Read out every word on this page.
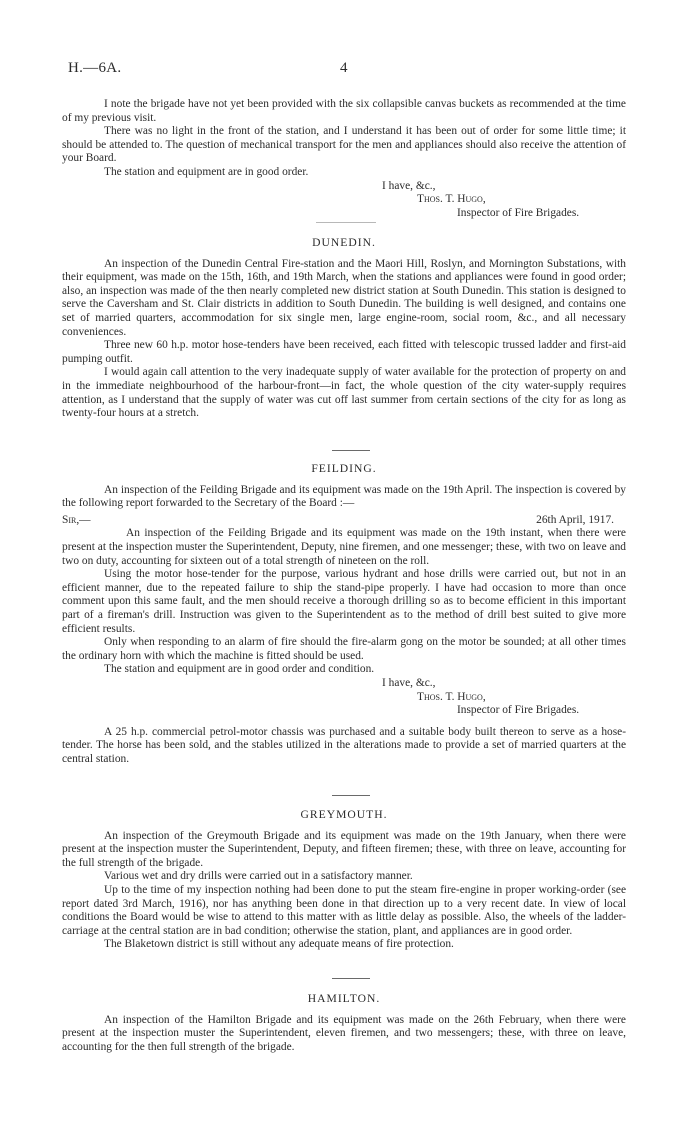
H.—6A.	4

I note the brigade have not yet been provided with the six collapsible canvas buckets as recommended at the time of my previous visit.

There was no light in the front of the station, and I understand it has been out of order for some little time; it should be attended to. The question of mechanical transport for the men and appliances should also receive the attention of your Board.

The station and equipment are in good order.

I have, &c.,

Thos. T. Hugo,

Inspector of Fire Brigades.

DUNEDIN.

An inspection of the Dunedin Central Fire-station and the Maori Hill, Roslyn, and Mornington Substations, with their equipment, was made on the 15th, 16th, and 19th March, when the stations and appliances were found in good order; also, an inspection was made of the then nearly completed new district station at South Dunedin. This station is designed to serve the Caversham and St. Clair districts in addition to South Dunedin. The building is well designed, and contains one set of married quarters, accommodation for six single men, large engine-room, social room, &c., and all necessary conveniences.

Three new 60 h.p. motor hose-tenders have been received, each fitted with telescopic trussed ladder and first-aid pumping outfit.

I would again call attention to the very inadequate supply of water available for the protection of property on and in the immediate neighbourhood of the harbour-front—in fact, the whole question of the city water-supply requires attention, as I understand that the supply of water was cut off last summer from certain sections of the city for as long as twenty-four hours at a stretch.

FEILDING.

An inspection of the Feilding Brigade and its equipment was made on the 19th April. The inspection is covered by the following report forwarded to the Secretary of the Board :—

Sir,—	26th April, 1917.

An inspection of the Feilding Brigade and its equipment was made on the 19th instant, when there were present at the inspection muster the Superintendent, Deputy, nine firemen, and one messenger; these, with two on leave and two on duty, accounting for sixteen out of a total strength of nineteen on the roll.

Using the motor hose-tender for the purpose, various hydrant and hose drills were carried out, but not in an efficient manner, due to the repeated failure to ship the stand-pipe properly. I have had occasion to more than once comment upon this same fault, and the men should receive a thorough drilling so as to become efficient in this important part of a fireman's drill. Instruction was given to the Superintendent as to the method of drill best suited to give more efficient results.

Only when responding to an alarm of fire should the fire-alarm gong on the motor be sounded; at all other times the ordinary horn with which the machine is fitted should be used.

The station and equipment are in good order and condition.

I have, &c.,

Thos. T. Hugo,

Inspector of Fire Brigades.

A 25 h.p. commercial petrol-motor chassis was purchased and a suitable body built thereon to serve as a hose-tender. The horse has been sold, and the stables utilized in the alterations made to provide a set of married quarters at the central station.

GREYMOUTH.

An inspection of the Greymouth Brigade and its equipment was made on the 19th January, when there were present at the inspection muster the Superintendent, Deputy, and fifteen firemen; these, with three on leave, accounting for the full strength of the brigade.

Various wet and dry drills were carried out in a satisfactory manner.

Up to the time of my inspection nothing had been done to put the steam fire-engine in proper working-order (see report dated 3rd March, 1916), nor has anything been done in that direction up to a very recent date. In view of local conditions the Board would be wise to attend to this matter with as little delay as possible. Also, the wheels of the ladder-carriage at the central station are in bad condition; otherwise the station, plant, and appliances are in good order.

The Blaketown district is still without any adequate means of fire protection.

HAMILTON.

An inspection of the Hamilton Brigade and its equipment was made on the 26th February, when there were present at the inspection muster the Superintendent, eleven firemen, and two messengers; these, with three on leave, accounting for the then full strength of the brigade.
